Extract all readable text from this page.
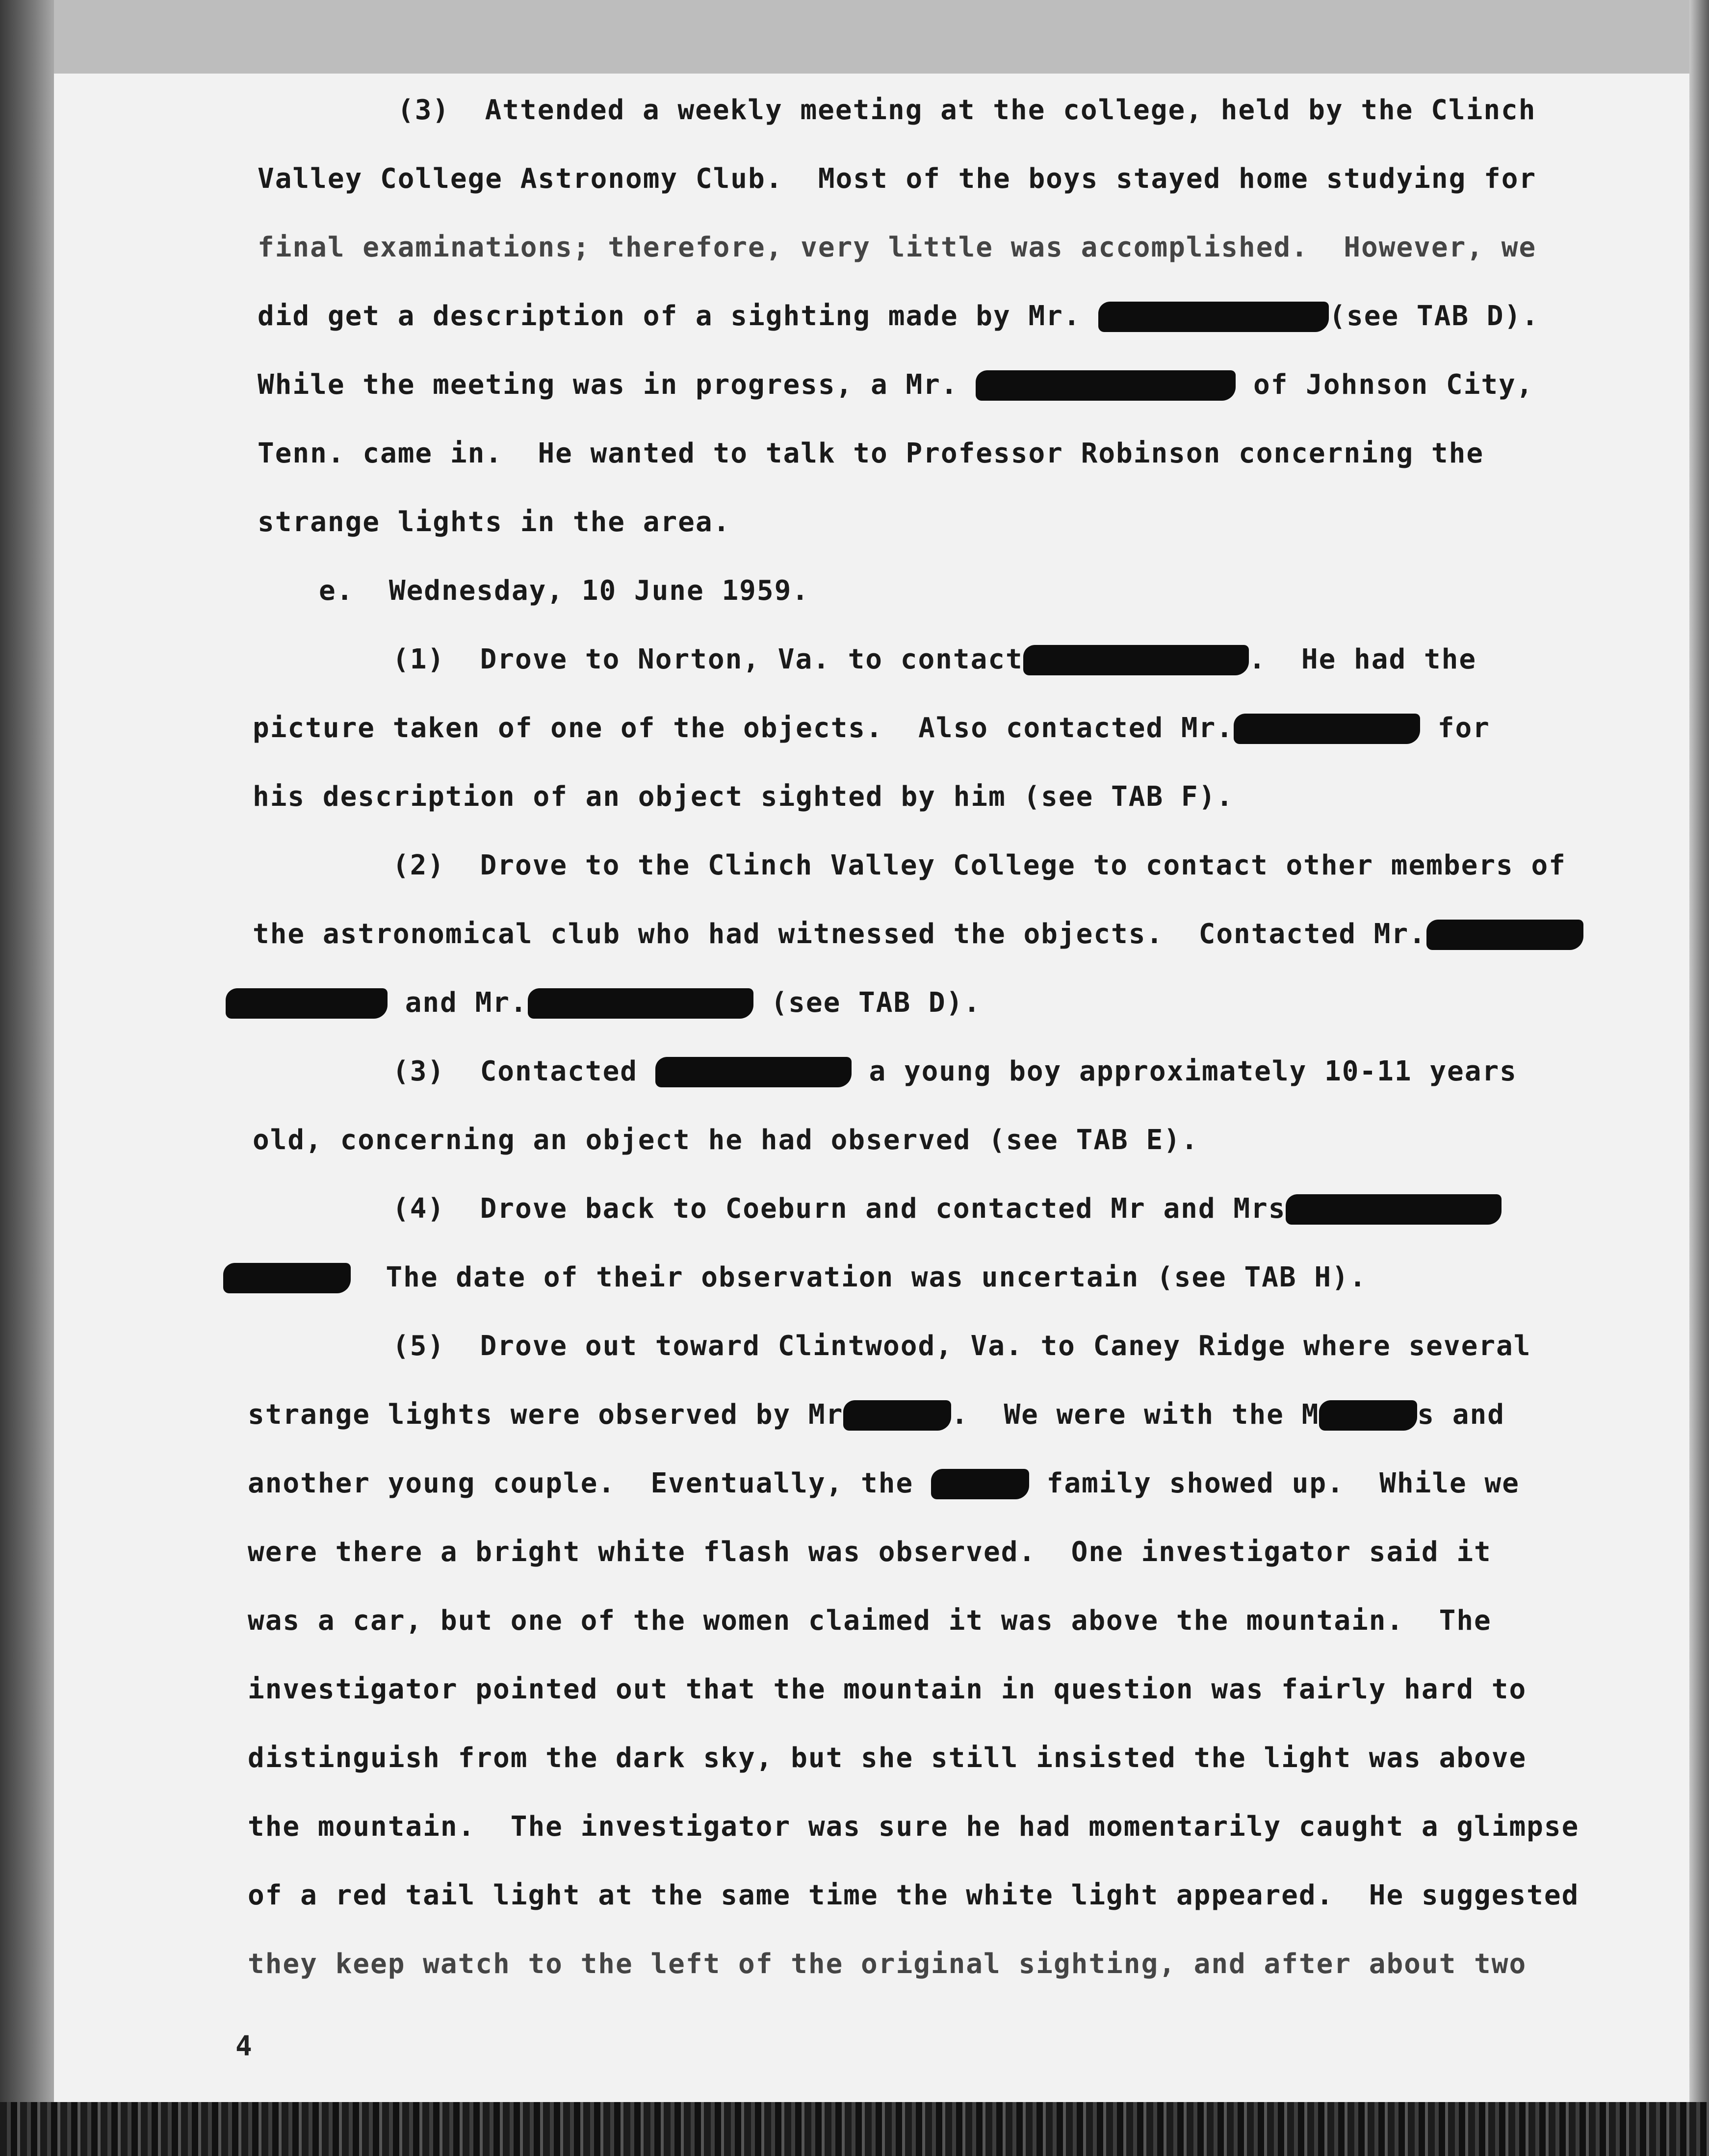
(3)  Attended a weekly meeting at the college, held by the Clinch
Valley College Astronomy Club.  Most of the boys stayed home studying for
final examinations; therefore, very little was accomplished.  However, we
did get a description of a sighting made by Mr.	(see TAB D).
While the meeting was in progress, a Mr.	of Johnson City,
Tenn. came in.  He wanted to talk to Professor Robinson concerning the
strange lights in the area.
e.  Wednesday, 10 June 1959.
(1)  Drove to Norton, Va. to contact	.  He had the
picture taken of one of the objects.  Also contacted Mr.	for
his description of an object sighted by him (see TAB F).
(2)  Drove to the Clinch Valley College to contact other members of
the astronomical club who had witnessed the objects.  Contacted Mr.
and Mr.	(see TAB D).
(3)  Contacted	a young boy approximately 10-11 years
old, concerning an object he had observed (see TAB E).
(4)  Drove back to Coeburn and contacted Mr and Mrs
The date of their observation was uncertain (see TAB H).
(5)  Drove out toward Clintwood, Va. to Caney Ridge where several
strange lights were observed by Mr	.  We were with the M	s and
another young couple.  Eventually, the	family showed up.  While we
were there a bright white flash was observed.  One investigator said it
was a car, but one of the women claimed it was above the mountain.  The
investigator pointed out that the mountain in question was fairly hard to
distinguish from the dark sky, but she still insisted the light was above
the mountain.  The investigator was sure he had momentarily caught a glimpse
of a red tail light at the same time the white light appeared.  He suggested
they keep watch to the left of the original sighting, and after about two
4
